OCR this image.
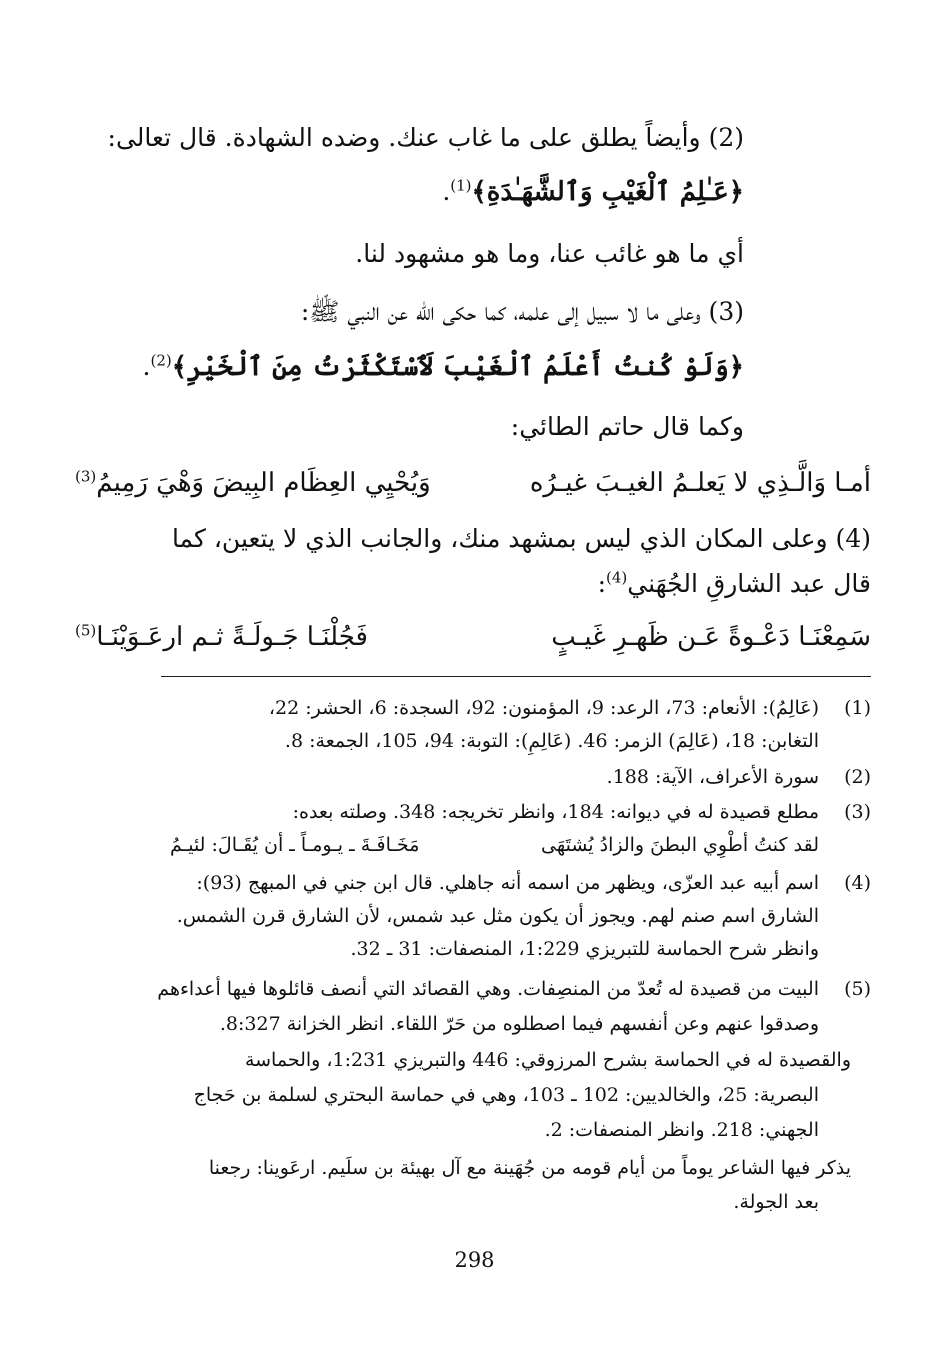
(2) وأيضاً يطلق على ما غاب عنك. وضده الشهادة. قال تعالى:
﴿عَـٰلِمُ ٱلْغَيْبِ وَٱلشَّهَـٰدَةِ﴾$^{(1)}$.
أي ما هو غائب عنا، وما هو مشهود لنا.
(3) وعلى ما لا سبيل إلى علمه، كما حكى الله عن النبي ﷺ:
﴿وَلَوْ كُنتُ أَعْلَمُ ٱلْغَيْبَ لَٱسْتَكْثَرْتُ مِنَ ٱلْخَيْرِ﴾$^{(2)}$.
وكما قال حاتم الطائي:
أمـا وَالَّـذِي لا يَعلـمُ الغيـبَ غيـرُه
وَيُحْيِي العِظَام البِيضَ وَهْيَ رَمِيمُ$^{(3)}$
(4) وعلى المكان الذي ليس بمشهد منك، والجانب الذي لا يتعين، كما
قال عبد الشارقِ الجُهَني$^{(4)}$:
سَمِعْنَـا دَعْـوةً عَـن ظَهـرِ غَيـبٍ
فَجُلْنَـا جَـولَـةً ثـم ارعَـوَيْنَـا$^{(5)}$
(1)
(عَالِمُ): الأنعام: 73، الرعد: 9، المؤمنون: 92، السجدة: 6، الحشر: 22،
التغابن: 18، (عَالِمَ) الزمر: 46. (عَالِمِ): التوبة: 94، 105، الجمعة: 8.
(2)
سورة الأعراف، الآية: 188.
(3)
مطلع قصيدة له في ديوانه: 184، وانظر تخريجه: 348. وصلته بعده:
لقد كنتُ أطْوِي البطنَ والزادُ يُشتَهَى
مَخَـافَـةَ ـ يـومـاً ـ أن يُقَـالَ: لئيـمُ
(4)
اسم أبيه عبد العزّى، ويظهر من اسمه أنه جاهلي. قال ابن جني في المبهج (93):
الشارق اسم صنم لهم. ويجوز أن يكون مثل عبد شمس، لأن الشارق قرن الشمس.
وانظر شرح الحماسة للتبريزي 1:229، المنصفات: 31 ـ 32.
(5)
البيت من قصيدة له تُعدّ من المنصِفات. وهي القصائد التي أنصف قائلوها فيها أعداءهم
وصدقوا عنهم وعن أنفسهم فيما اصطلوه من حَرّ اللقاء. انظر الخزانة 8:327.
والقصيدة له في الحماسة بشرح المرزوقي: 446 والتبريزي 1:231، والحماسة
البصرية: 25، والخالديين: 102 ـ 103، وهي في حماسة البحتري لسلمة بن حَجاج
الجهني: 218. وانظر المنصفات: 2.
يذكر فيها الشاعر يوماً من أيام قومه من جُهَينة مع آل بهيئة بن سلَيم. ارعَوينا: رجعنا
بعد الجولة.
298
